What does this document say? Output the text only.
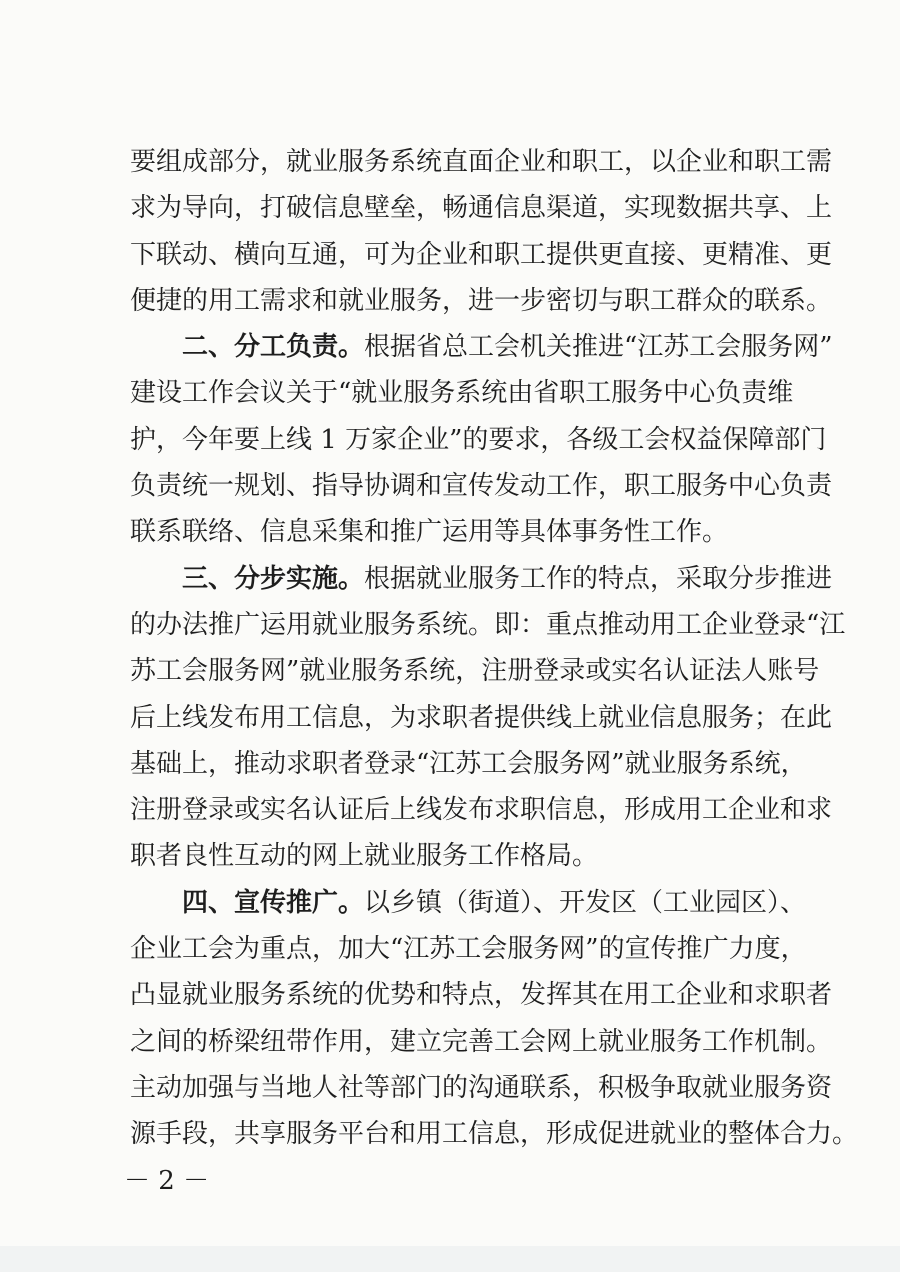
要组成部分，就业服务系统直面企业和职工，以企业和职工需
求为导向，打破信息壁垒，畅通信息渠道，实现数据共享、上
下联动、横向互通，可为企业和职工提供更直接、更精准、更
便捷的用工需求和就业服务，进一步密切与职工群众的联系。
二、分工负责。根据省总工会机关推进“江苏工会服务网”
建设工作会议关于“就业服务系统由省职工服务中心负责维
护，今年要上线 1 万家企业”的要求，各级工会权益保障部门
负责统一规划、指导协调和宣传发动工作，职工服务中心负责
联系联络、信息采集和推广运用等具体事务性工作。
三、分步实施。根据就业服务工作的特点，采取分步推进
的办法推广运用就业服务系统。即：重点推动用工企业登录“江
苏工会服务网”就业服务系统，注册登录或实名认证法人账号
后上线发布用工信息，为求职者提供线上就业信息服务；在此
基础上，推动求职者登录“江苏工会服务网”就业服务系统，
注册登录或实名认证后上线发布求职信息，形成用工企业和求
职者良性互动的网上就业服务工作格局。
四、宣传推广。以乡镇（街道）、开发区（工业园区）、
企业工会为重点，加大“江苏工会服务网”的宣传推广力度，
凸显就业服务系统的优势和特点，发挥其在用工企业和求职者
之间的桥梁纽带作用，建立完善工会网上就业服务工作机制。
主动加强与当地人社等部门的沟通联系，积极争取就业服务资
源手段，共享服务平台和用工信息，形成促进就业的整体合力。
－ 2 －
